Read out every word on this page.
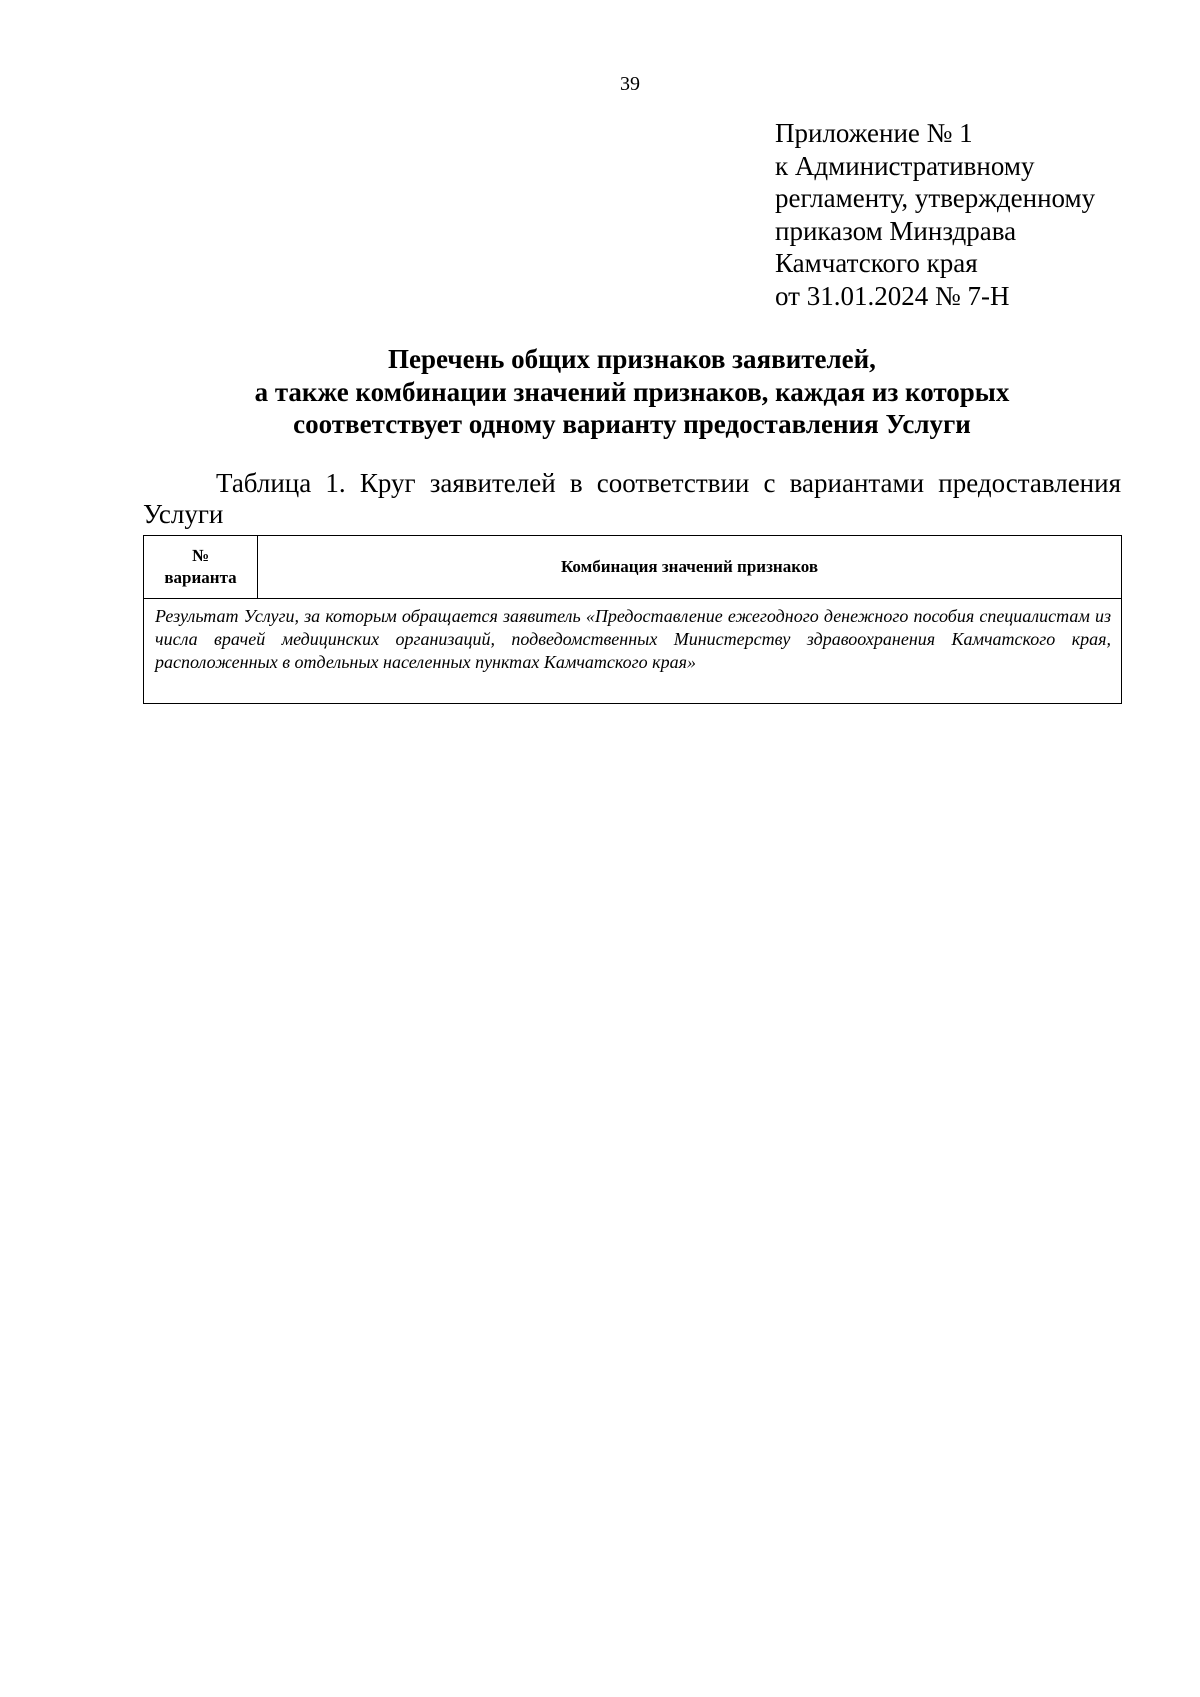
39
Приложение № 1
к Административному
регламенту, утвержденному
приказом Минздрава
Камчатского края
от 31.01.2024 № 7-Н
Перечень общих признаков заявителей,
а также комбинации значений признаков, каждая из которых
соответствует одному варианту предоставления Услуги
Таблица 1. Круг заявителей в соответствии с вариантами предоставления Услуги
№
варианта
	Комбинация значений признаков
Результат Услуги, за которым обращается заявитель «Предоставление ежегодного денежного пособия специалистам из числа врачей медицинских организаций, подведомственных Министерству здравоохранения Камчатского края, расположенных в отдельных населенных пунктах Камчатского края»
